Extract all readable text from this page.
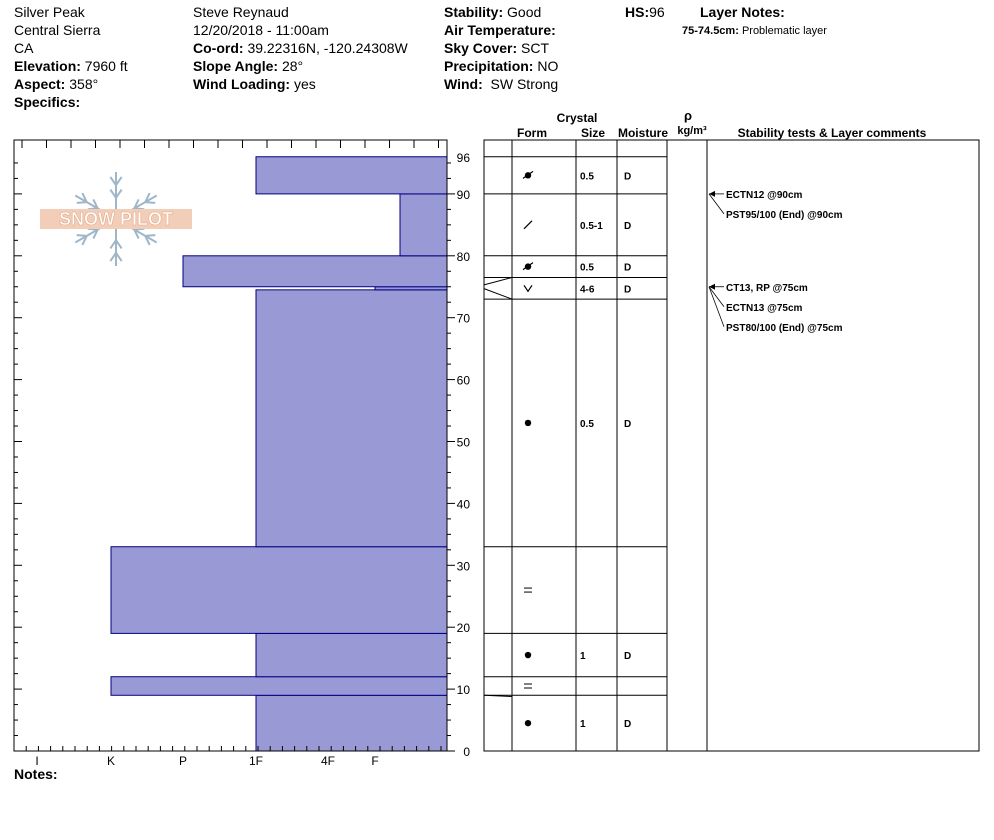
Silver Peak
Central Sierra
CA
Elevation: 7960 ft
Aspect: 358°
Specifics:
Steve Reynaud
12/20/2018 - 11:00am
Co-ord: 39.22316N, -120.24308W
Slope Angle: 28°
Wind Loading: yes
Stability: Good
Air Temperature:
Sky Cover: SCT
Precipitation: NO
Wind: SW Strong
HS:96	Layer Notes:
75-74.5cm: Problematic layer
Notes:
SNOW PILOT
I	K	P	1F	4F	F
0
10
20
30
40
50
60
70
80
90
96
0.5	D
0.5-1 D
0.5	D
4-6	D
0.5	D
1	D
1	D
ECTN12 @90cm
PST95/100 (End) @90cm
CT13, RP @75cm
ECTN13 @75cm
PST80/100 (End) @75cm
Crystal
Form	Size Moisture
ρ
kg/m³	Stability tests & Layer comments
